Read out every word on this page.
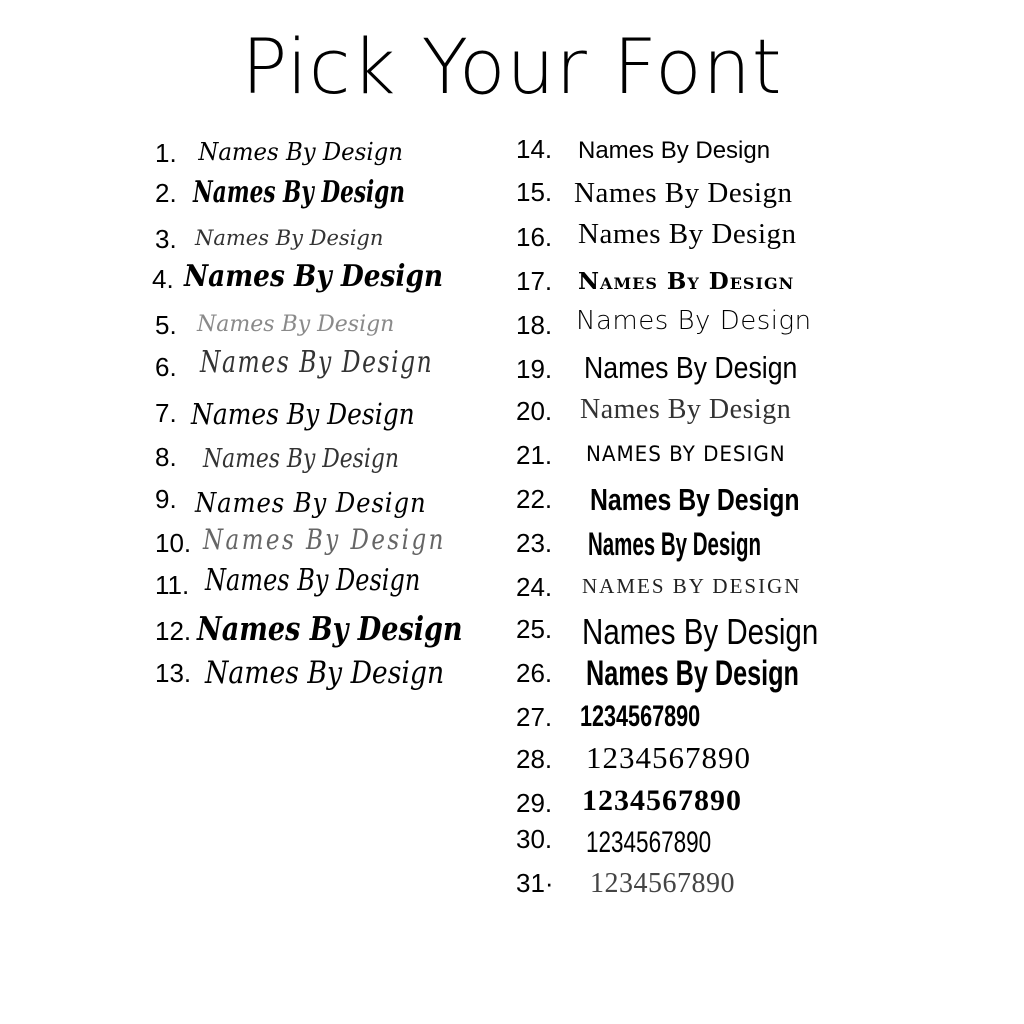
Pick Your Font
1. Names By Design
2. Names By Design
3. Names By Design
4. Names By Design
5. Names By Design
6. Names By Design
7. Names By Design
8. Names By Design
9. Names By Design
10. Names By Design
11. Names By Design
12. Names By Design
13. Names By Design
14. Names By Design
15. Names By Design
16. Names By Design
17. Names By Design
18. Names By Design
19. Names By Design
20. Names By Design
21. NAMES BY DESIGN
22. Names By Design
23. Names By Design
24. NAMES BY DESIGN
25. Names By Design
26. Names By Design
27. 1234567890
28. 1234567890
29. 1234567890
30. 1234567890
31· 1234567890
